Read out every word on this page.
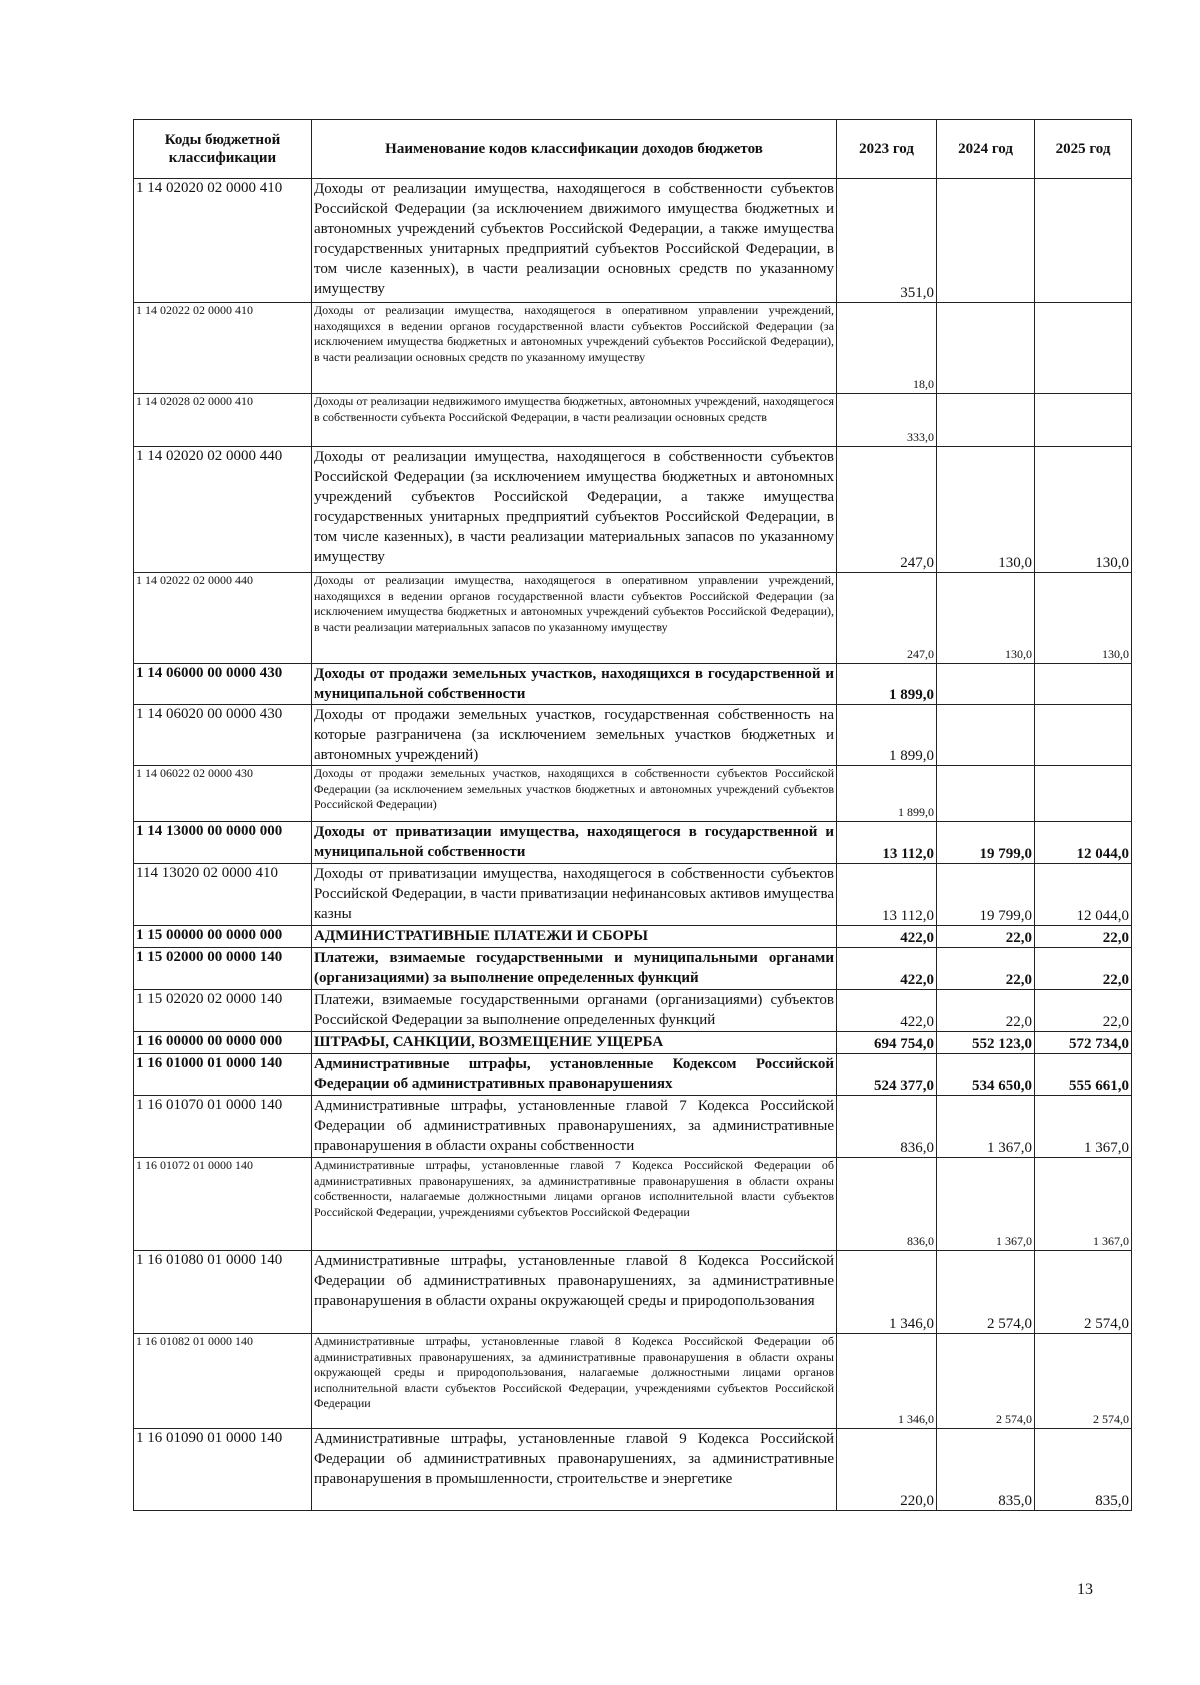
Коды бюджетной классификации	Наименование кодов классификации доходов бюджетов	2023 год	2024 год	2025 год
1 14 02020 02 0000 410	Доходы от реализации имущества, находящегося в собственности субъектов Российской Федерации (за исключением движимого имущества бюджетных и автономных учреждений субъектов Российской Федерации, а также имущества государственных унитарных предприятий субъектов Российской Федерации, в том числе казенных), в части реализации основных средств по указанному имуществу	351,0		
1 14 02022 02 0000 410	Доходы от реализации имущества, находящегося в оперативном управлении учреждений, находящихся в ведении органов государственной власти субъектов Российской Федерации (за исключением имущества бюджетных и автономных учреждений субъектов Российской Федерации), в части реализации основных средств по указанному имуществу	18,0		
1 14 02028 02 0000 410	Доходы от реализации недвижимого имущества бюджетных, автономных учреждений, находящегося в собственности субъекта Российской Федерации, в части реализации основных средств	333,0		
1 14 02020 02 0000 440	Доходы от реализации имущества, находящегося в собственности субъектов Российской Федерации (за исключением имущества бюджетных и автономных учреждений субъектов Российской Федерации, а также имущества государственных унитарных предприятий субъектов Российской Федерации, в том числе казенных), в части реализации материальных запасов по указанному имуществу	247,0	130,0	130,0
1 14 02022 02 0000 440	Доходы от реализации имущества, находящегося в оперативном управлении учреждений, находящихся в ведении органов государственной власти субъектов Российской Федерации (за исключением имущества бюджетных и автономных учреждений субъектов Российской Федерации), в части реализации материальных запасов по указанному имуществу	247,0	130,0	130,0
1 14 06000 00 0000 430	Доходы от продажи земельных участков, находящихся в государственной и муниципальной собственности	1 899,0		
1 14 06020 00 0000 430	Доходы от продажи земельных участков, государственная собственность на которые разграничена (за исключением земельных участков бюджетных и автономных учреждений)	1 899,0		
1 14 06022 02 0000 430	Доходы от продажи земельных участков, находящихся в собственности субъектов Российской Федерации (за исключением земельных участков бюджетных и автономных учреждений субъектов Российской Федерации)	1 899,0		
1 14 13000 00 0000 000	Доходы от приватизации имущества, находящегося в государственной и муниципальной собственности	13 112,0	19 799,0	12 044,0
114 13020 02 0000 410	Доходы от приватизации имущества, находящегося в собственности субъектов Российской Федерации, в части приватизации нефинансовых активов имущества казны	13 112,0	19 799,0	12 044,0
1 15 00000 00 0000 000	АДМИНИСТРАТИВНЫЕ ПЛАТЕЖИ И СБОРЫ	422,0	22,0	22,0
1 15 02000 00 0000 140	Платежи, взимаемые государственными и муниципальными органами (организациями) за выполнение определенных функций	422,0	22,0	22,0
1 15 02020 02 0000 140	Платежи, взимаемые государственными органами (организациями) субъектов Российской Федерации за выполнение определенных функций	422,0	22,0	22,0
1 16 00000 00 0000 000	ШТРАФЫ, САНКЦИИ, ВОЗМЕЩЕНИЕ УЩЕРБА	694 754,0	552 123,0	572 734,0
1 16 01000 01 0000 140	Административные штрафы, установленные Кодексом Российской Федерации об административных правонарушениях	524 377,0	534 650,0	555 661,0
1 16 01070 01 0000 140	Административные штрафы, установленные главой 7 Кодекса Российской Федерации об административных правонарушениях, за административные правонарушения в области охраны собственности	836,0	1 367,0	1 367,0
1 16 01072 01 0000 140	Административные штрафы, установленные главой 7 Кодекса Российской Федерации об административных правонарушениях, за административные правонарушения в области охраны собственности, налагаемые должностными лицами органов исполнительной власти субъектов Российской Федерации, учреждениями субъектов Российской Федерации	836,0	1 367,0	1 367,0
1 16 01080 01 0000 140	Административные штрафы, установленные главой 8 Кодекса Российской Федерации об административных правонарушениях, за административные правонарушения в области охраны окружающей среды и природопользования	1 346,0	2 574,0	2 574,0
1 16 01082 01 0000 140	Административные штрафы, установленные главой 8 Кодекса Российской Федерации об административных правонарушениях, за административные правонарушения в области охраны окружающей среды и природопользования, налагаемые должностными лицами органов исполнительной власти субъектов Российской Федерации, учреждениями субъектов Российской Федерации	1 346,0	2 574,0	2 574,0
1 16 01090 01 0000 140	Административные штрафы, установленные главой 9 Кодекса Российской Федерации об административных правонарушениях, за административные правонарушения в промышленности, строительстве и энергетике	220,0	835,0	835,0
13
